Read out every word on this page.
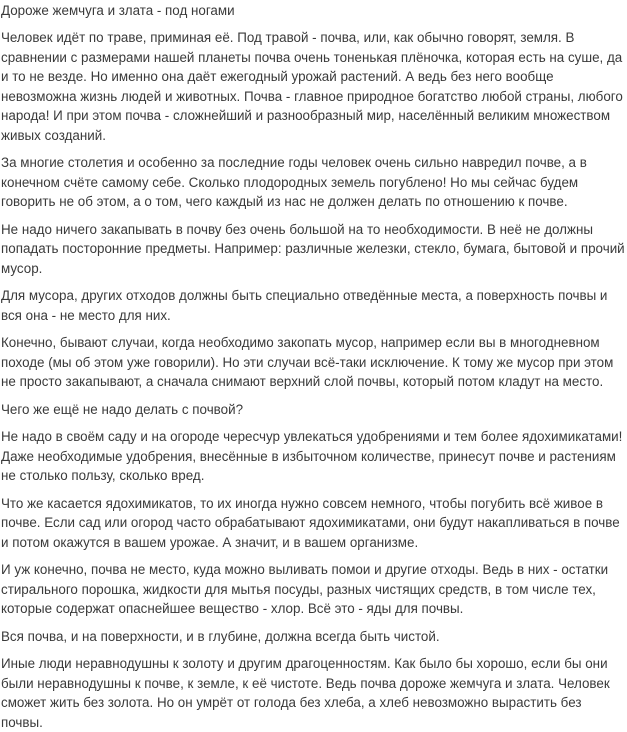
Дороже жемчуга и злата - под ногами
Человек идёт по траве, приминая её. Под травой - почва, или, как обычно говорят, земля. В сравнении с размерами нашей планеты почва очень тоненькая плёночка, которая есть на суше, да и то не везде. Но именно она даёт ежегодный урожай растений. А ведь без него вообще невозможна жизнь людей и животных. Почва - главное природное богатство любой страны, любого народа! И при этом почва - сложнейший и разнообразный мир, населённый великим множеством живых созданий.
За многие столетия и особенно за последние годы человек очень сильно навредил почве, а в конечном счёте самому себе. Сколько плодородных земель погублено! Но мы сейчас будем говорить не об этом, а о том, чего каждый из нас не должен делать по отношению к почве.
Не надо ничего закапывать в почву без очень большой на то необходимости. В неё не должны попадать посторонние предметы. Например: различные железки, стекло, бумага, бытовой и прочий мусор.
Для мусора, других отходов должны быть специально отведённые места, а поверхность почвы и вся она - не место для них.
Конечно, бывают случаи, когда необходимо закопать мусор, например если вы в многодневном походе (мы об этом уже говорили). Но эти случаи всё-таки исключение. К тому же мусор при этом не просто закапывают, а сначала снимают верхний слой почвы, который потом кладут на место.
Чего же ещё не надо делать с почвой?
Не надо в своём саду и на огороде чересчур увлекаться удобрениями и тем более ядохимикатами! Даже необходимые удобрения, внесённые в избыточном количестве, принесут почве и растениям не столько пользу, сколько вред.
Что же касается ядохимикатов, то их иногда нужно совсем немного, чтобы погубить всё живое в почве. Если сад или огород часто обрабатывают ядохимикатами, они будут накапливаться в почве и потом окажутся в вашем урожае. А значит, и в вашем организме.
И уж конечно, почва не место, куда можно выливать помои и другие отходы. Ведь в них - остатки стирального порошка, жидкости для мытья посуды, разных чистящих средств, в том числе тех, которые содержат опаснейшее вещество - хлор. Всё это - яды для почвы.
Вся почва, и на поверхности, и в глубине, должна всегда быть чистой.
Иные люди неравнодушны к золоту и другим драгоценностям. Как было бы хорошо, если бы они были неравнодушны к почве, к земле, к её чистоте. Ведь почва дороже жемчуга и злата. Человек сможет жить без золота. Но он умрёт от голода без хлеба, а хлеб невозможно вырастить без почвы.
